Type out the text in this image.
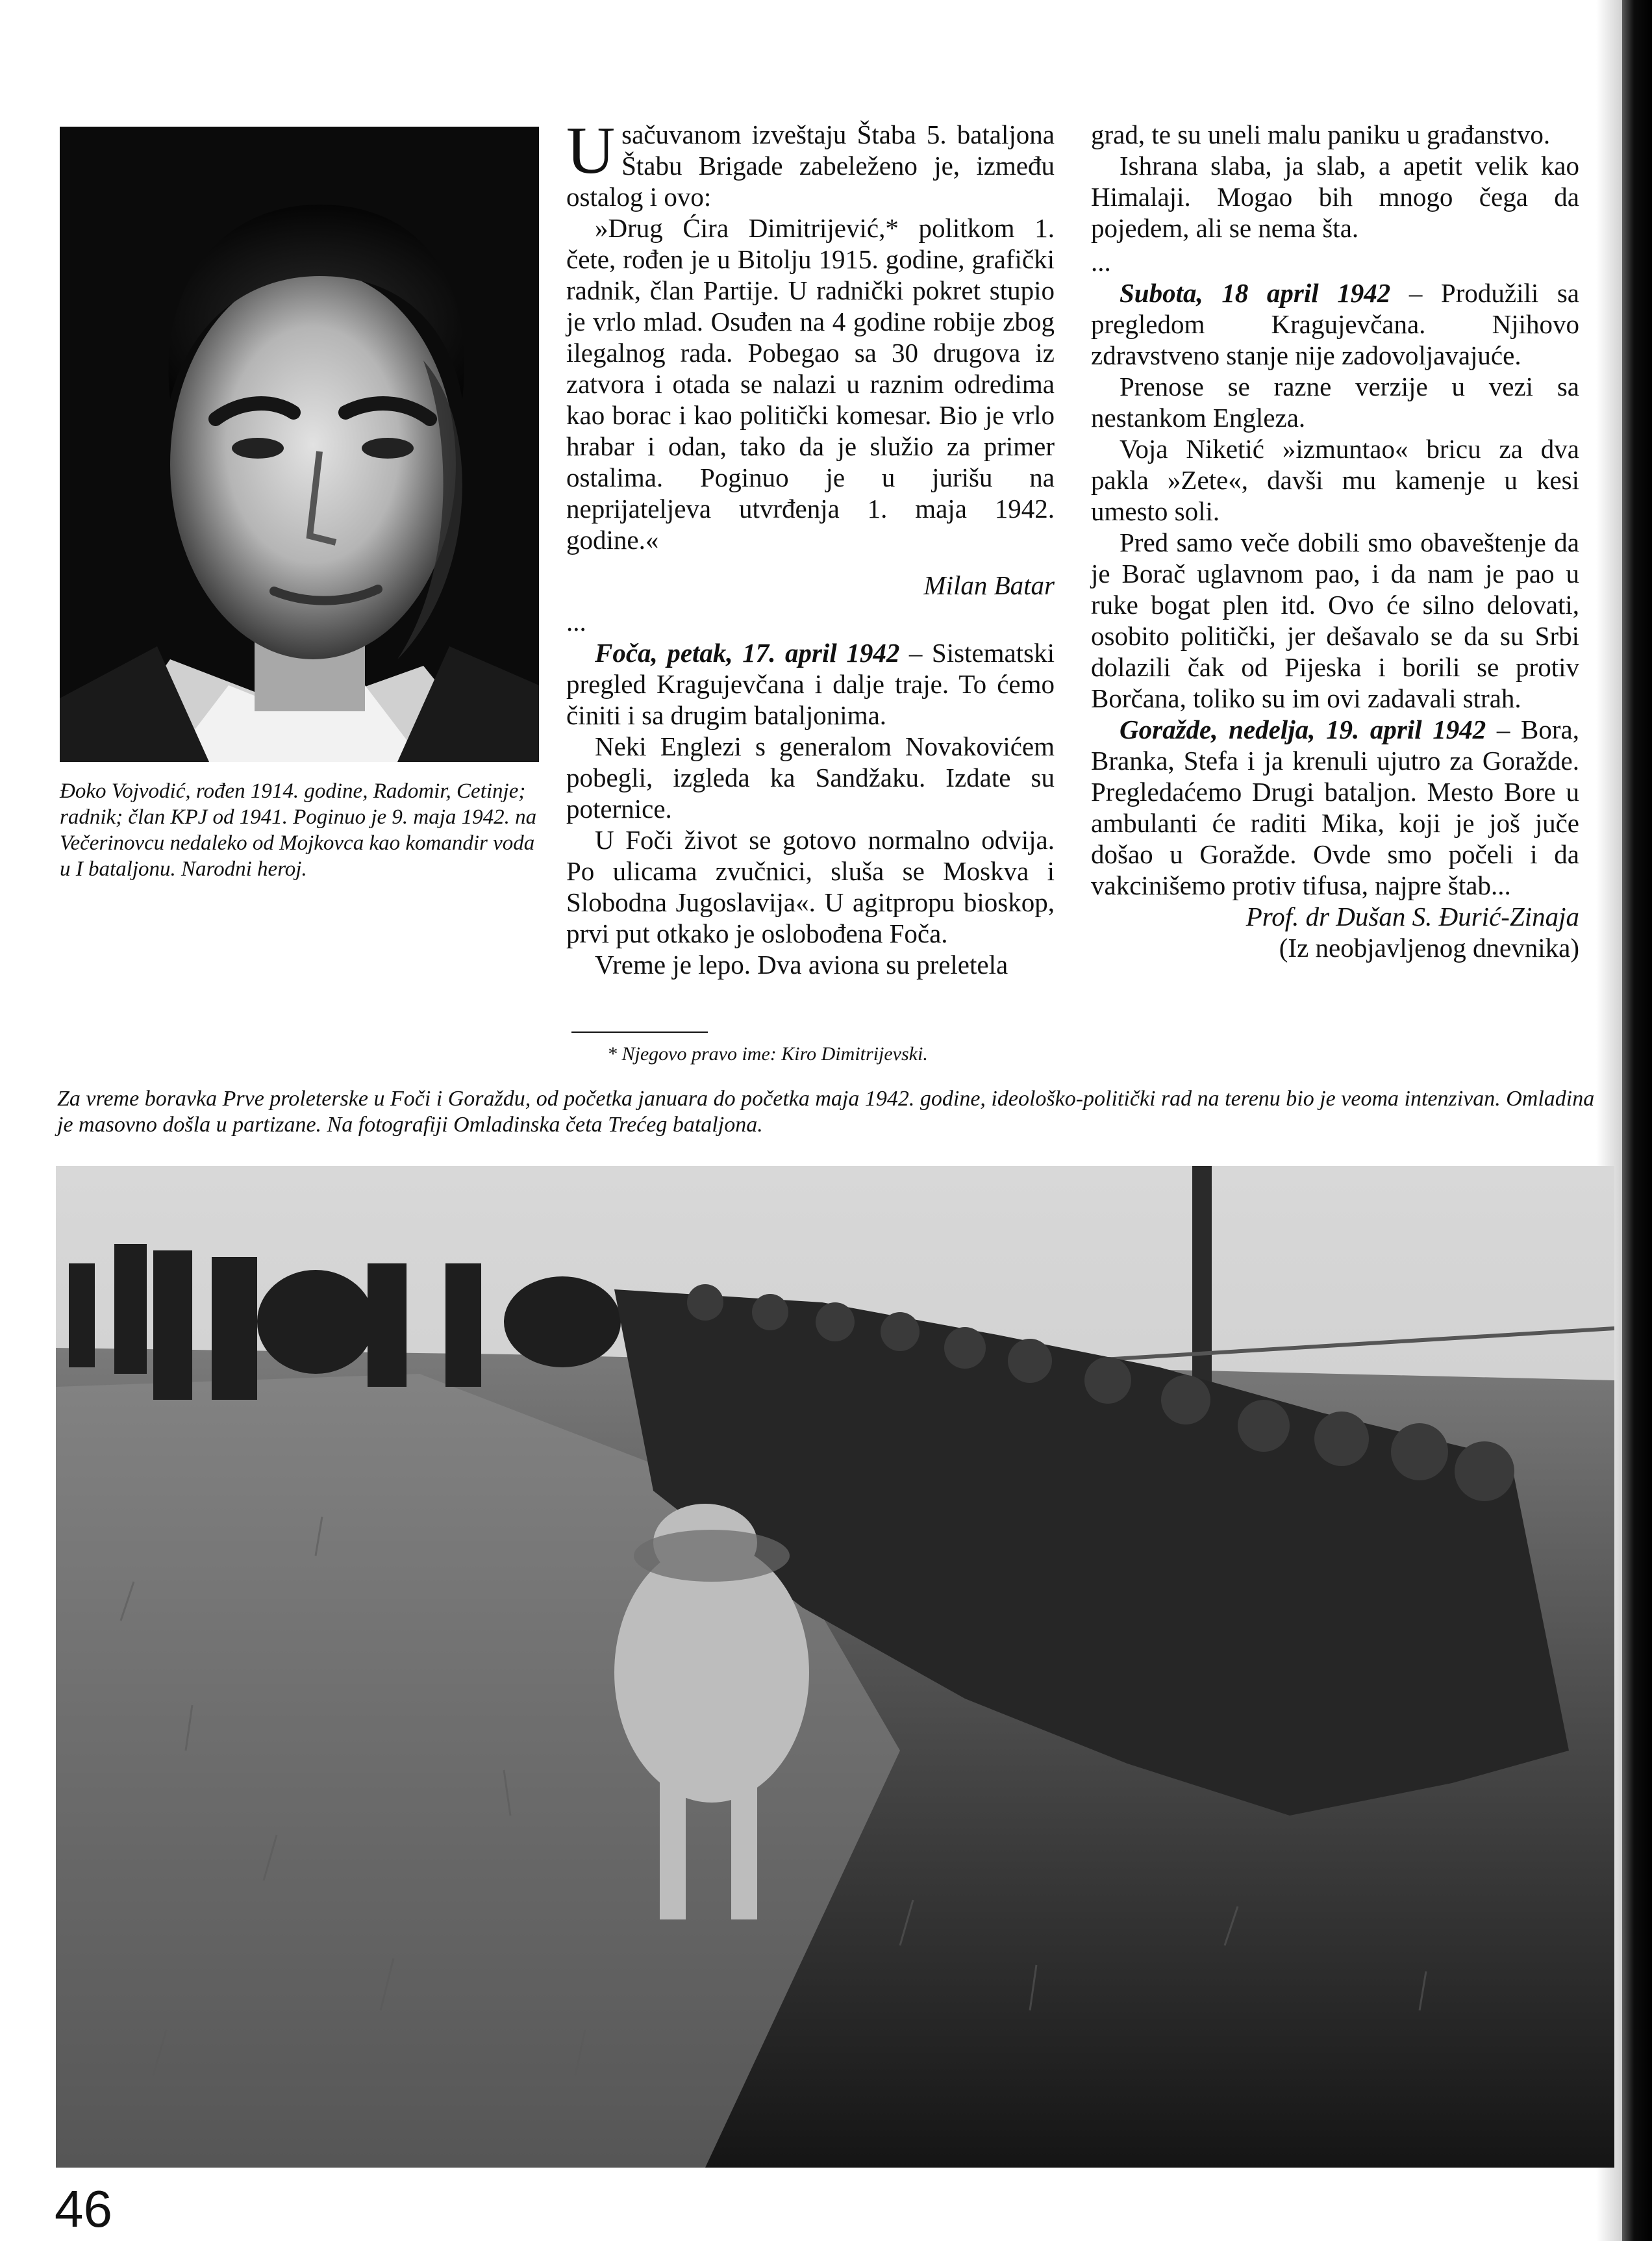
Đoko Vojvodić, rođen 1914. godine, Radomir, Cetinje; radnik; član KPJ od 1941. Poginuo je 9. maja 1942. na Večerinovcu nedaleko od Mojkovca kao komandir voda u I bataljonu. Narodni heroj.

Usačuvanom izveštaju Štaba 5. bataljona Štabu Brigade zabeleženo je, između ostalog i ovo:

»Drug Ćira Dimitrijević,* politkom 1. čete, rođen je u Bitolju 1915. godine, grafički radnik, član Partije. U radnički pokret stupio je vrlo mlad. Osuđen na 4 godine robije zbog ilegalnog rada. Pobegao sa 30 drugova iz zatvora i otada se nalazi u raznim odredima kao borac i kao politički komesar. Bio je vrlo hrabar i odan, tako da je služio za primer ostalima. Poginuo je u jurišu na neprijateljeva utvrđenja 1. maja 1942. godine.«

Milan Batar

...

Foča, petak, 17. april 1942 – Sistematski pregled Kragujevčana i dalje traje. To ćemo činiti i sa drugim bataljonima.

Neki Englezi s generalom Novakovićem pobegli, izgleda ka Sandžaku. Izdate su poternice.

U Foči život se gotovo normalno odvija. Po ulicama zvučnici, sluša se Moskva i Slobodna Jugoslavija«. U agitpropu bioskop, prvi put otkako je oslobođena Foča.

Vreme je lepo. Dva aviona su preletela

* Njegovo pravo ime: Kiro Dimitrijevski.

grad, te su uneli malu paniku u građanstvo.

Ishrana slaba, ja slab, a apetit velik kao Himalaji. Mogao bih mnogo čega da pojedem, ali se nema šta.

...

Subota, 18 april 1942 – Produžili sa pregledom Kragujevčana. Njihovo zdravstveno stanje nije zadovoljavajuće.

Prenose se razne verzije u vezi sa nestankom Engleza.

Voja Niketić »izmuntao« bricu za dva pakla »Zete«, davši mu kamenje u kesi umesto soli.

Pred samo veče dobili smo obaveštenje da je Borač uglavnom pao, i da nam je pao u ruke bogat plen itd. Ovo će silno delovati, osobito politički, jer dešavalo se da su Srbi dolazili čak od Pijeska i borili se protiv Borčana, toliko su im ovi zadavali strah.

Goražde, nedelja, 19. april 1942 – Bora, Branka, Stefa i ja krenuli ujutro za Goražde. Pregledaćemo Drugi bataljon. Mesto Bore u ambulanti će raditi Mika, koji je još juče došao u Goražde. Ovde smo počeli i da vakcinišemo protiv tifusa, najpre štab...

Prof. dr Dušan S. Đurić-Zinaja

(Iz neobjavljenog dnevnika)

Za vreme boravka Prve proleterske u Foči i Goraždu, od početka januara do početka maja 1942. godine, ideološko-politički rad na terenu bio je veoma intenzivan. Omladina je masovno došla u partizane. Na fotografiji Omladinska četa Trećeg bataljona.
46
